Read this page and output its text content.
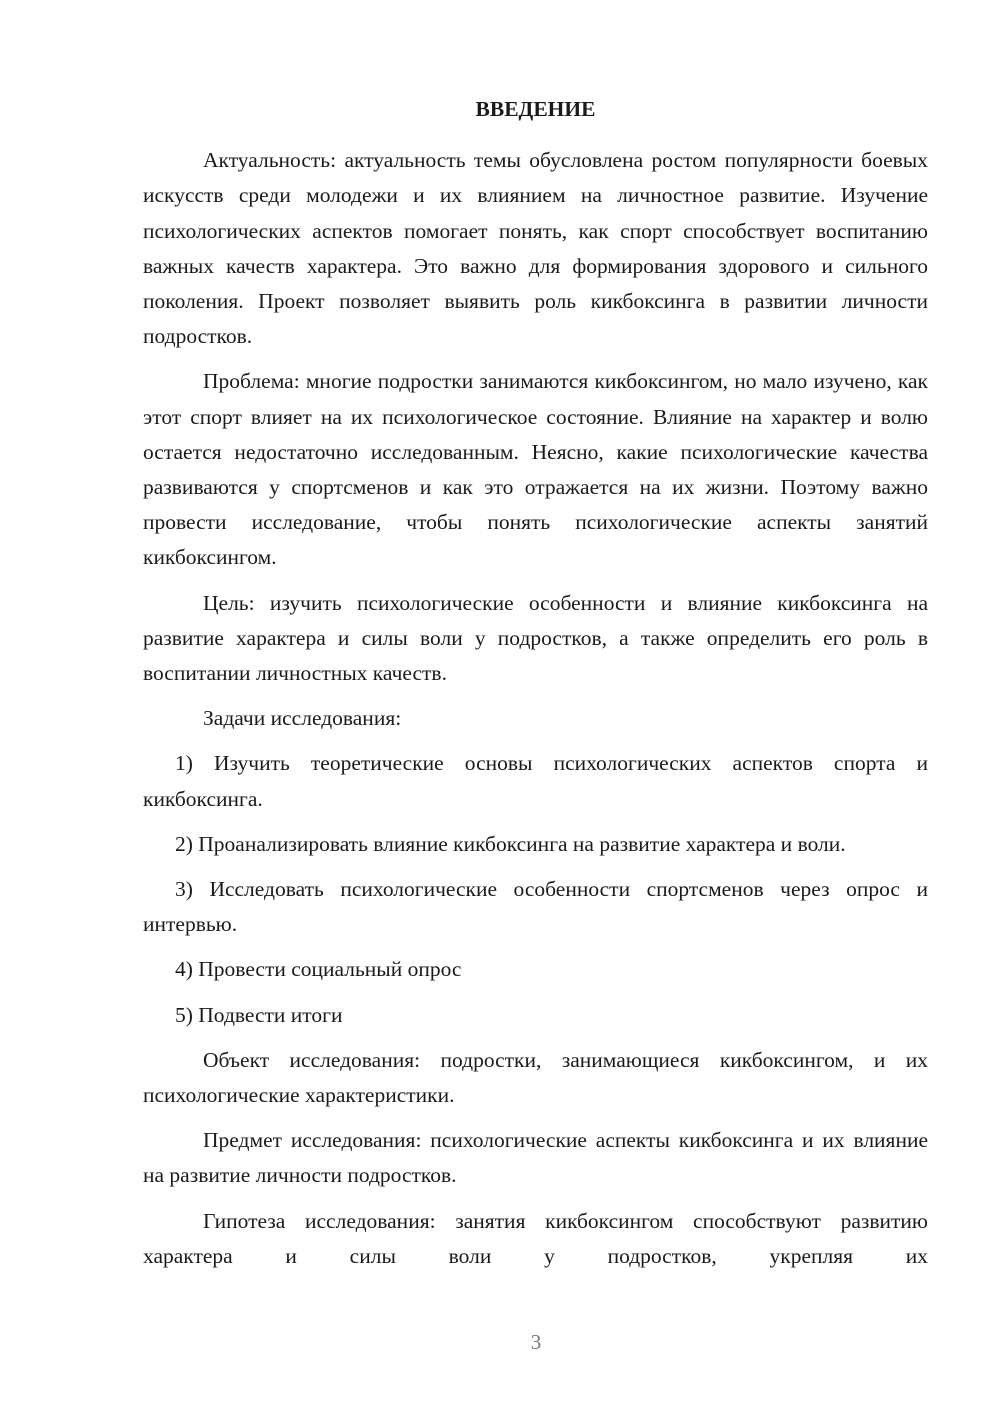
ВВЕДЕНИЕ

Актуальность: актуальность темы обусловлена ростом популярности боевых искусств среди молодежи и их влиянием на личностное развитие. Изучение психологических аспектов помогает понять, как спорт способствует воспитанию важных качеств характера. Это важно для формирования здорового и сильного поколения. Проект позволяет выявить роль кикбоксинга в развитии личности подростков.

Проблема: многие подростки занимаются кикбоксингом, но мало изучено, как этот спорт влияет на их психологическое состояние. Влияние на характер и волю остается недостаточно исследованным. Неясно, какие психологические качества развиваются у спортсменов и как это отражается на их жизни. Поэтому важно провести исследование, чтобы понять психологические аспекты занятий кикбоксингом.

Цель: изучить психологические особенности и влияние кикбоксинга на развитие характера и силы воли у подростков, а также определить его роль в воспитании личностных качеств.

Задачи исследования:

1) Изучить теоретические основы психологических аспектов спорта и кикбоксинга.

2) Проанализировать влияние кикбоксинга на развитие характера и воли.

3) Исследовать психологические особенности спортсменов через опрос и интервью.

4) Провести социальный опрос

5) Подвести итоги

Объект исследования: подростки, занимающиеся кикбоксингом, и их психологические характеристики.

Предмет исследования: психологические аспекты кикбоксинга и их влияние на развитие личности подростков.

Гипотеза исследования: занятия кикбоксингом способствуют развитию характера и силы воли у подростков, укрепляя их

3
